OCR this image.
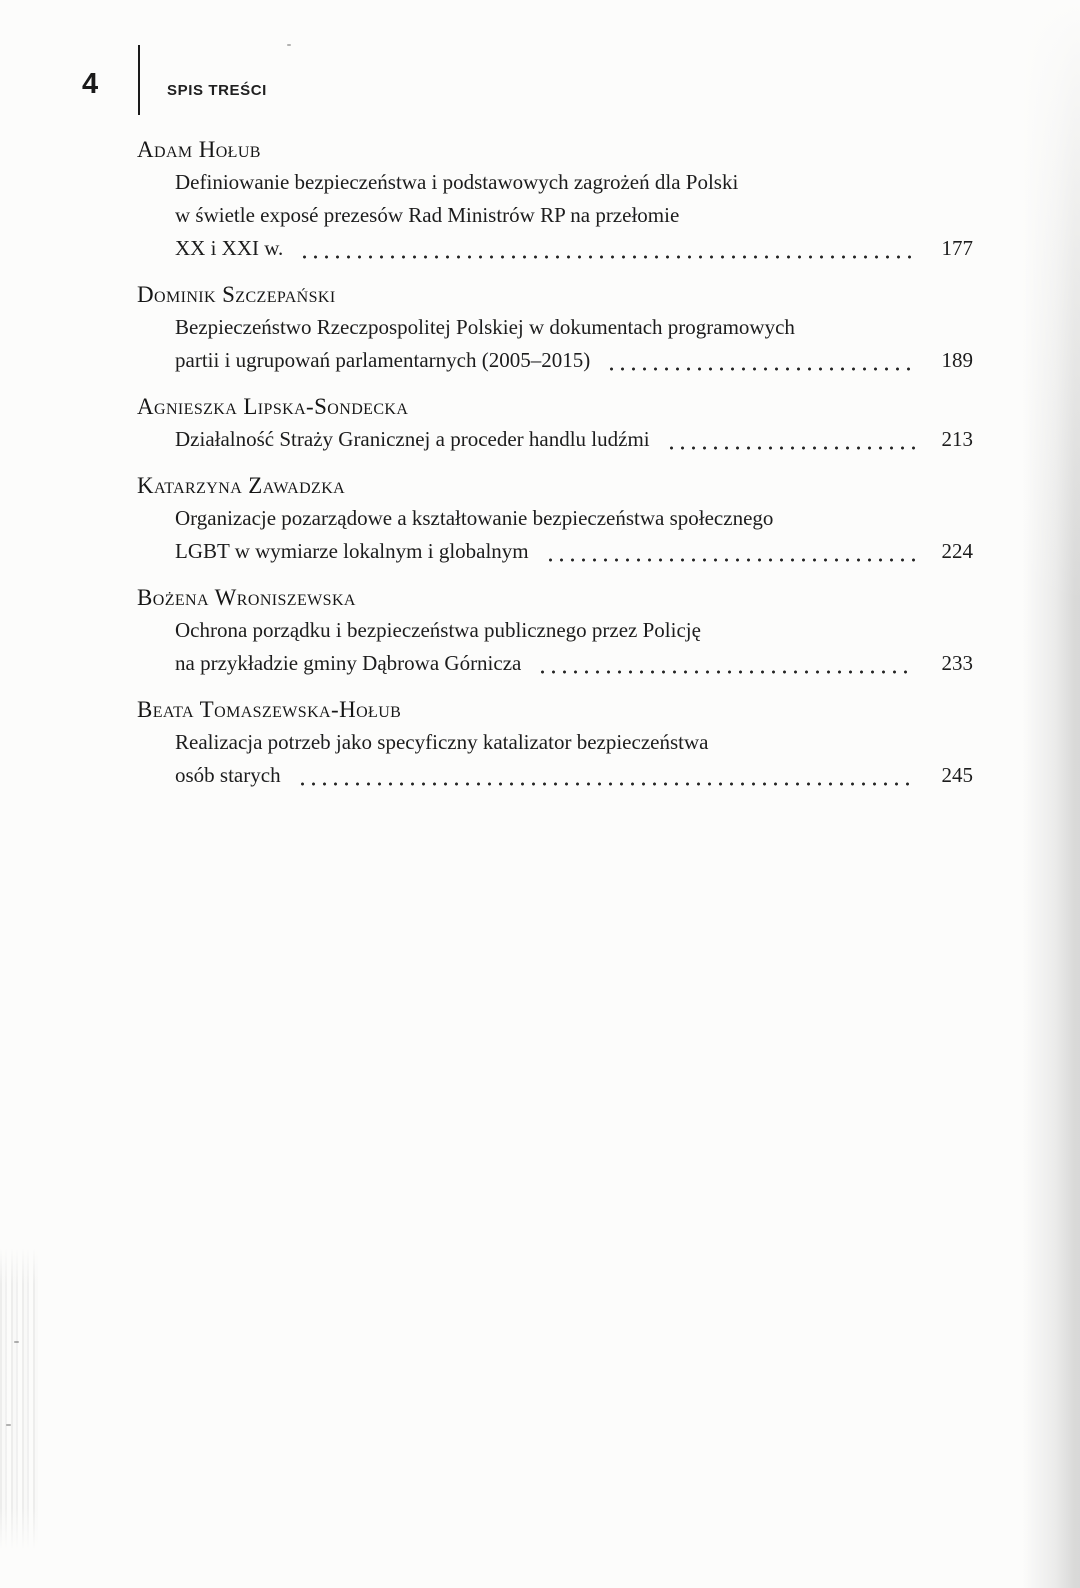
4	SPIS TREŚCI
Adam Hołub
Definiowanie bezpieczeństwa i podstawowych zagrożeń dla Polski
w świetle exposé prezesów Rad Ministrów RP na przełomie
XX i XXI w.	177
Dominik Szczepański
Bezpieczeństwo Rzeczpospolitej Polskiej w dokumentach programowych
partii i ugrupowań parlamentarnych (2005–2015)	189
Agnieszka Lipska-Sondecka
Działalność Straży Granicznej a proceder handlu ludźmi	213
Katarzyna Zawadzka
Organizacje pozarządowe a kształtowanie bezpieczeństwa społecznego
LGBT w wymiarze lokalnym i globalnym	224
Bożena Wroniszewska
Ochrona porządku i bezpieczeństwa publicznego przez Policję
na przykładzie gminy Dąbrowa Górnicza	233
Beata Tomaszewska-Hołub
Realizacja potrzeb jako specyficzny katalizator bezpieczeństwa
osób starych	245
